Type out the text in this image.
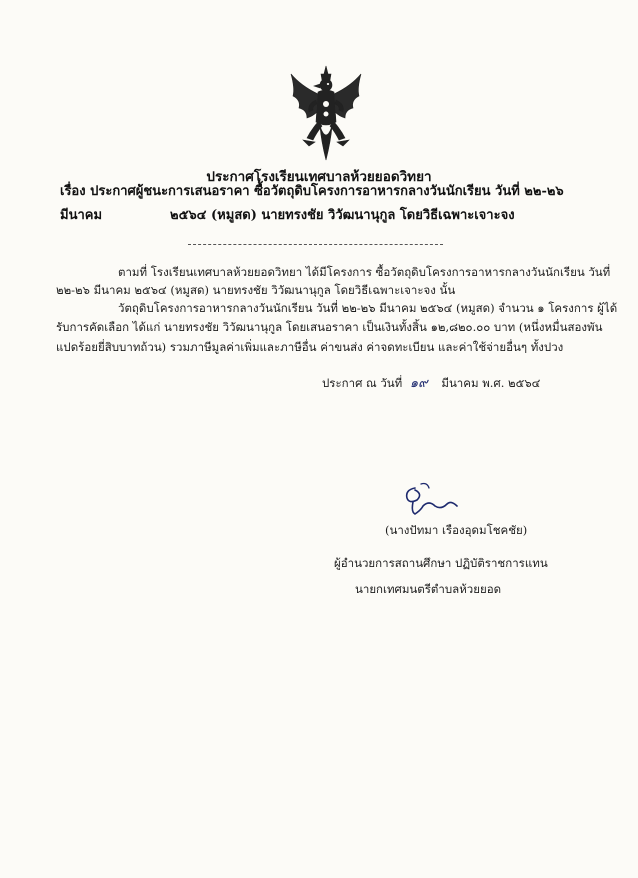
ประกาศโรงเรียนเทศบาลห้วยยอดวิทยา
เรื่อง ประกาศผู้ชนะการเสนอราคา ซื้อวัตถุดิบโครงการอาหารกลางวันนักเรียน วันที่ ๒๒-๒๖ มีนาคม	๒๕๖๔ (หมูสด) นายทรงชัย วิวัฒนานุกูล โดยวิธีเฉพาะเจาะจง
ตามที่ โรงเรียนเทศบาลห้วยยอดวิทยา ได้มีโครงการ ซื้อวัตถุดิบโครงการอาหารกลางวันนักเรียน วันที่
๒๒-๒๖ มีนาคม ๒๕๖๔ (หมูสด) นายทรงชัย วิวัฒนานุกูล โดยวิธีเฉพาะเจาะจง นั้น
วัตถุดิบโครงการอาหารกลางวันนักเรียน วันที่ ๒๒-๒๖ มีนาคม ๒๕๖๔ (หมูสด) จำนวน ๑ โครงการ ผู้ได้
รับการคัดเลือก ได้แก่ นายทรงชัย วิวัฒนานุกูล โดยเสนอราคา เป็นเงินทั้งสิ้น ๑๒,๘๒๐.๐๐ บาท (หนึ่งหมื่นสองพัน
แปดร้อยยี่สิบบาทถ้วน) รวมภาษีมูลค่าเพิ่มและภาษีอื่น ค่าขนส่ง ค่าจดทะเบียน และค่าใช้จ่ายอื่นๆ ทั้งปวง
ประกาศ ณ วันที่ ๑๙ มีนาคม พ.ศ. ๒๕๖๔
(นางปัทมา เรืองอุดมโชคชัย)
ผู้อำนวยการสถานศึกษา ปฏิบัติราชการแทน
นายกเทศมนตรีตำบลห้วยยอด
